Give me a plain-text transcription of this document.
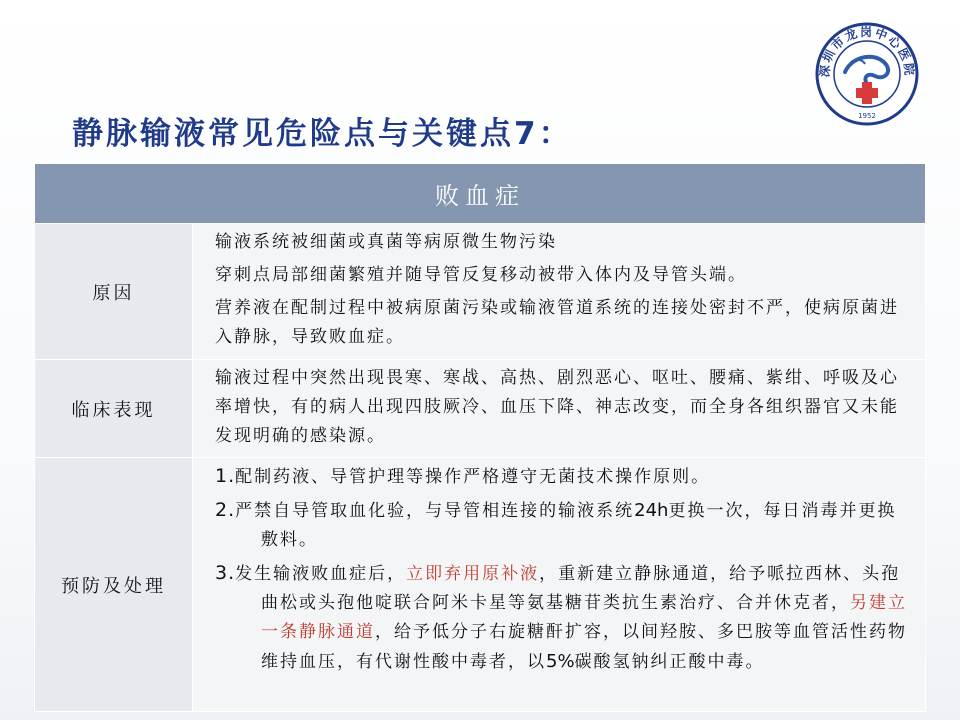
深圳市龙岗中心医院
1952
静脉输液常见危险点与关键点7：
败血症	
原因	输液系统被细菌或真菌等病原微生物污染

穿刺点局部细菌繁殖并随导管反复移动被带入体内及导管头端。

营养液在配制过程中被病原菌污染或输液管道系统的连接处密封不严，使病原菌进入静脉，导致败血症。

临床表现	输液过程中突然出现畏寒、寒战、高热、剧烈恶心、呕吐、腰痛、紫绀、呼吸及心率增快，有的病人出现四肢厥冷、血压下降、神志改变，而全身各组织器官又未能发现明确的感染源。

预防及处理	1.配制药液、导管护理等操作严格遵守无菌技术操作原则。

2.严禁自导管取血化验，与导管相连接的输液系统24h更换一次，每日消毒并更换敷料。

3.发生输液败血症后，立即弃用原补液，重新建立静脉通道，给予哌拉西林、头孢曲松或头孢他啶联合阿米卡星等氨基糖苷类抗生素治疗、合并休克者，另建立一条静脉通道，给予低分子右旋糖酐扩容，以间羟胺、多巴胺等血管活性药物维持血压，有代谢性酸中毒者，以5%碳酸氢钠纠正酸中毒。
